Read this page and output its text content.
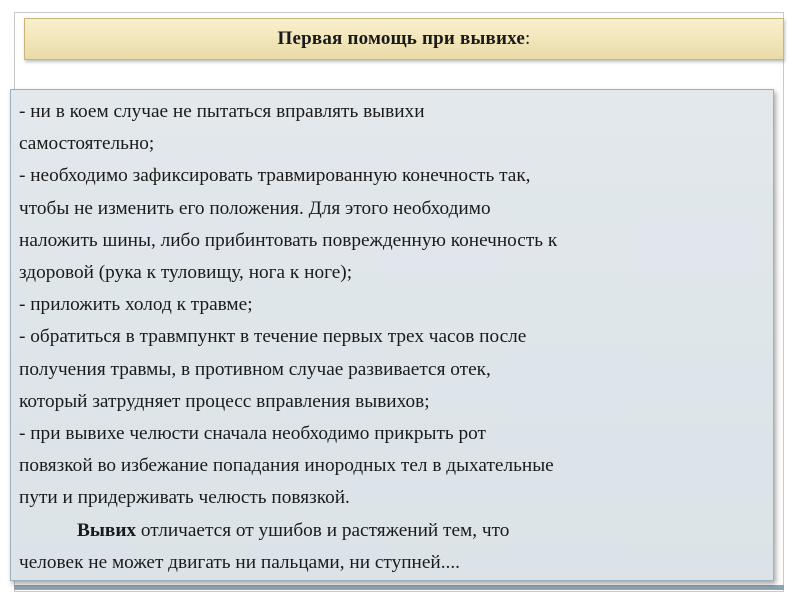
Первая помощь при вывихе:
- ни в коем случае не пытаться вправлять вывихи
самостоятельно;
- необходимо зафиксировать травмированную конечность так,
чтобы не изменить его положения. Для этого необходимо
наложить шины, либо прибинтовать поврежденную конечность к
здоровой (рука к туловищу, нога к ноге);
- приложить холод к травме;
- обратиться в травмпункт в течение первых трех часов после
получения травмы, в противном случае развивается отек,
который затрудняет процесс вправления вывихов;
- при вывихе челюсти сначала необходимо прикрыть рот
повязкой во избежание попадания инородных тел в дыхательные
пути и придерживать челюсть повязкой.
Вывих отличается от ушибов и растяжений тем, что
человек не может двигать ни пальцами, ни ступней....
